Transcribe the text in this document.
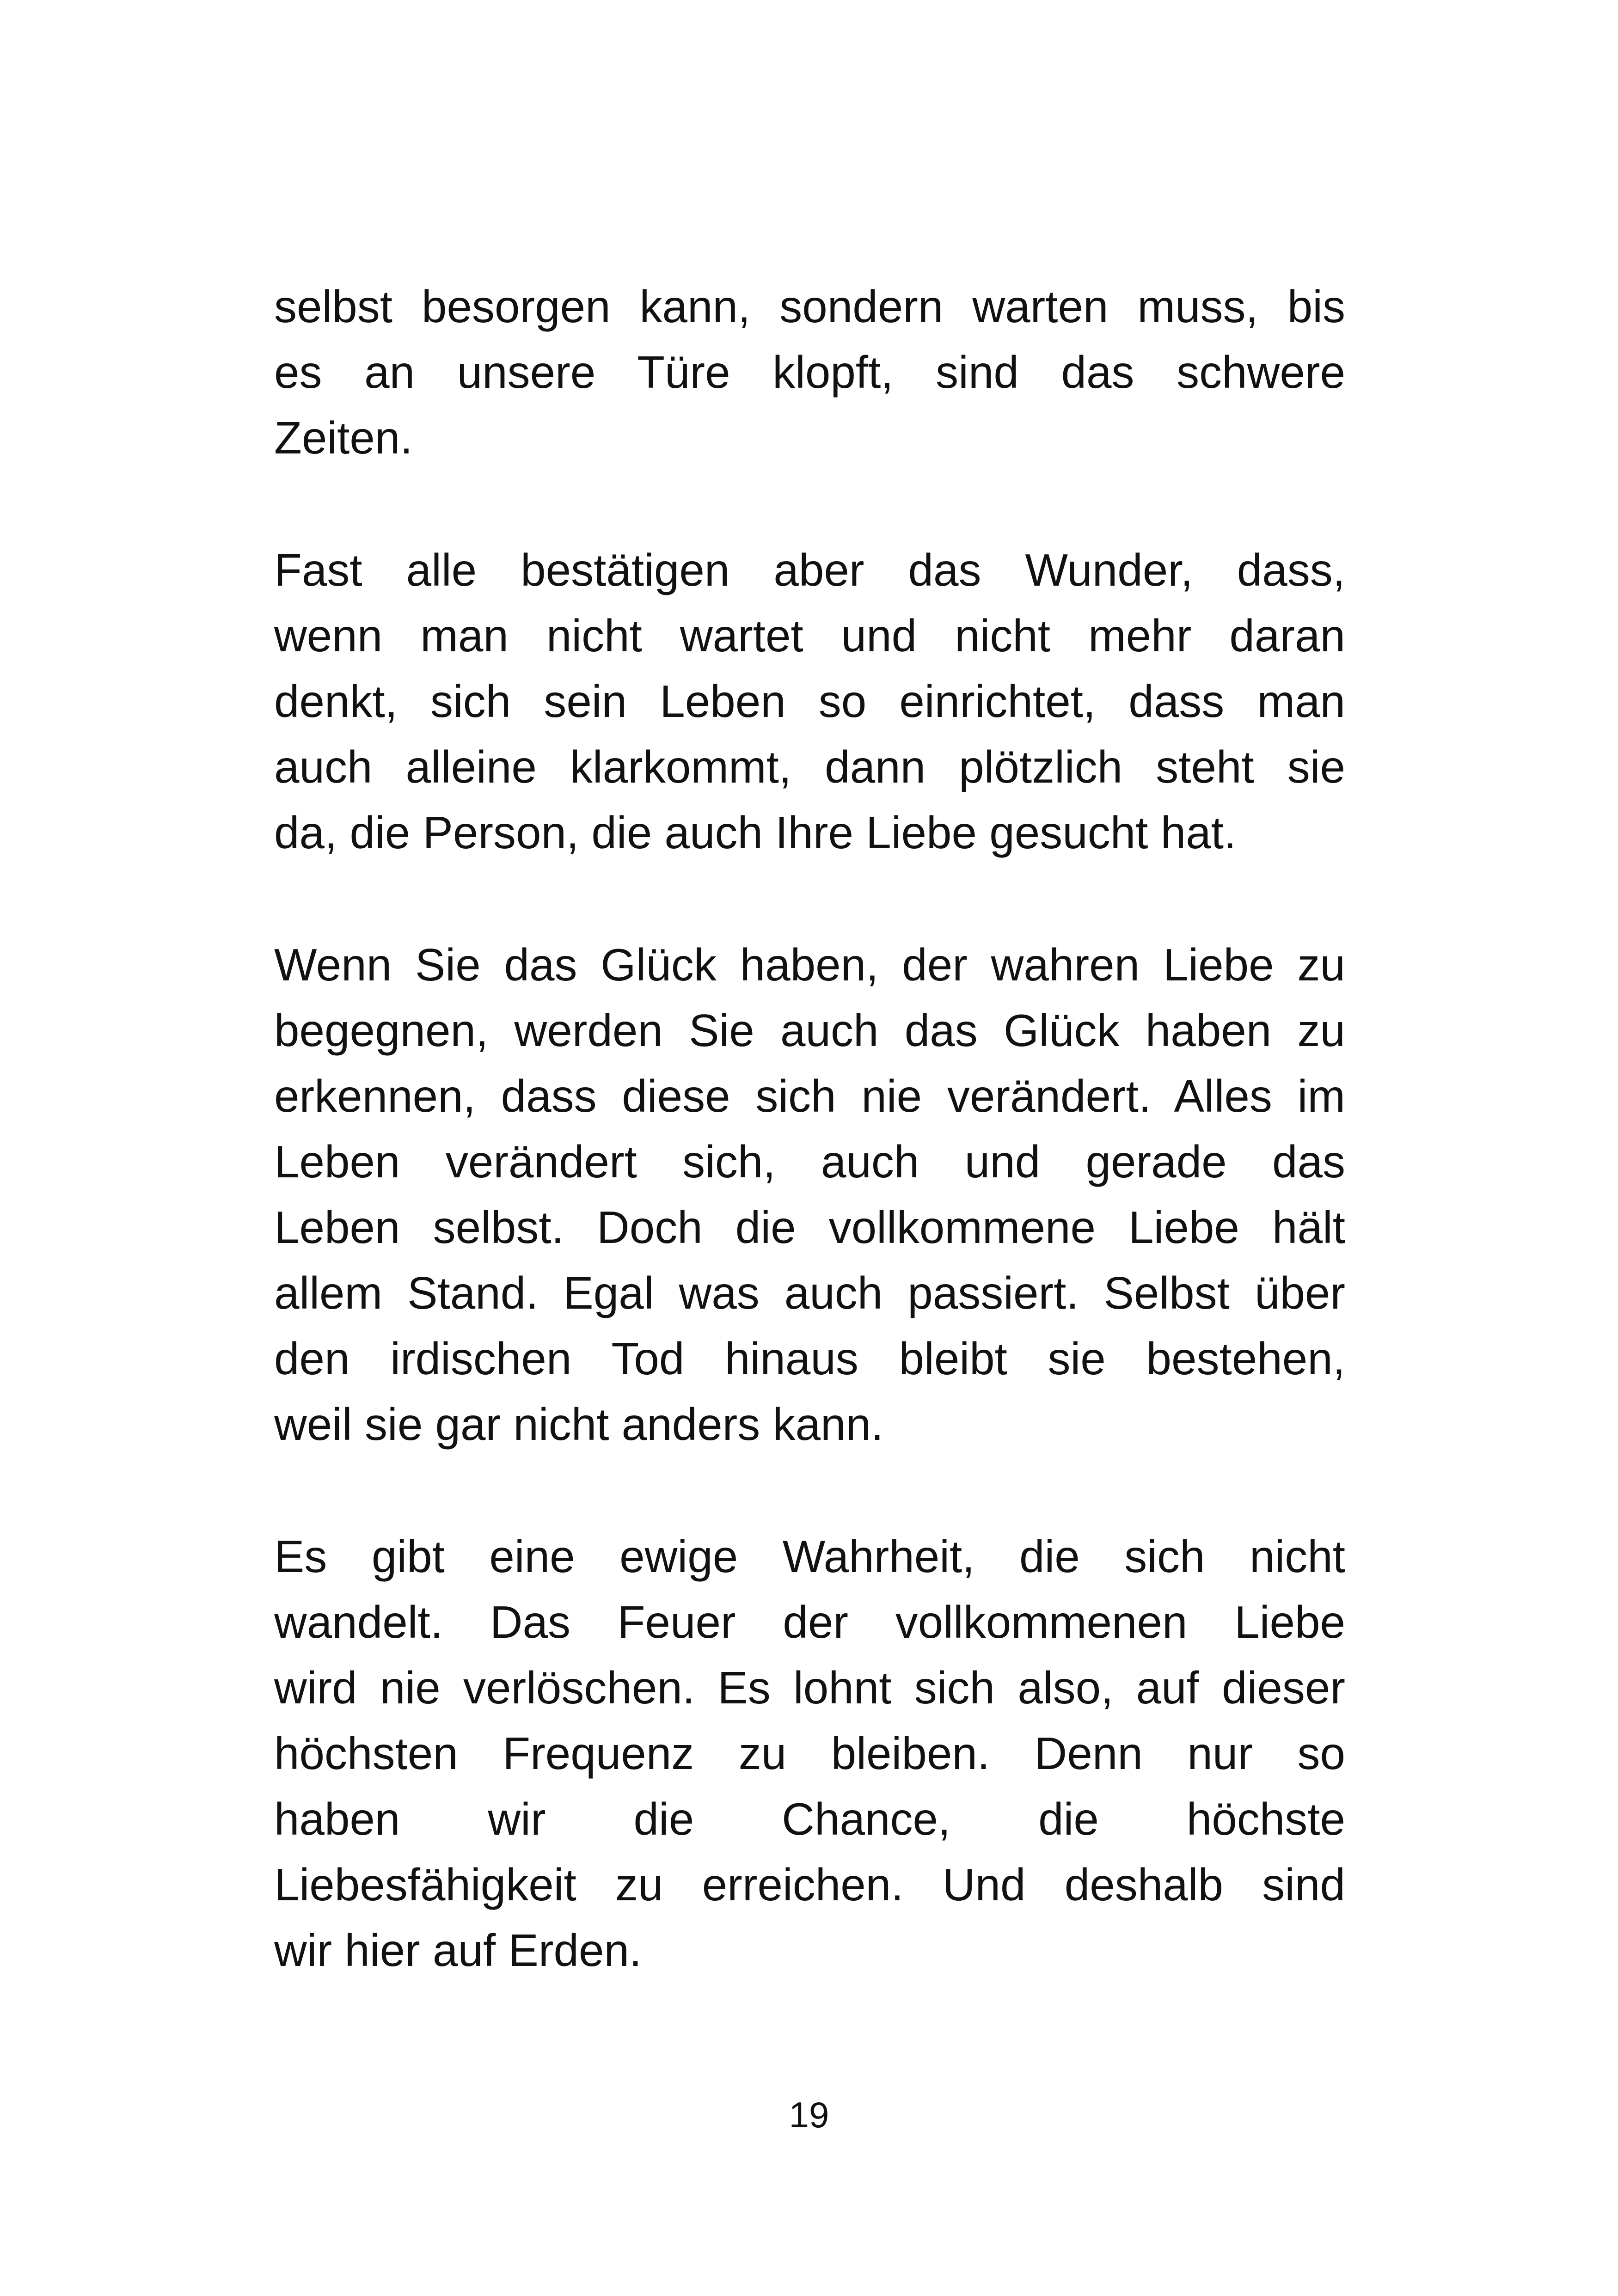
selbst besorgen kann, sondern warten muss, bis
es an unsere Türe klopft, sind das schwere
Zeiten.
Fast alle bestätigen aber das Wunder, dass,
wenn man nicht wartet und nicht mehr daran
denkt, sich sein Leben so einrichtet, dass man
auch alleine klarkommt, dann plötzlich steht sie
da, die Person, die auch Ihre Liebe gesucht hat.
Wenn Sie das Glück haben, der wahren Liebe zu
begegnen, werden Sie auch das Glück haben zu
erkennen, dass diese sich nie verändert. Alles im
Leben verändert sich, auch und gerade das
Leben selbst. Doch die vollkommene Liebe hält
allem Stand. Egal was auch passiert. Selbst über
den irdischen Tod hinaus bleibt sie bestehen,
weil sie gar nicht anders kann.
Es gibt eine ewige Wahrheit, die sich nicht
wandelt. Das Feuer der vollkommenen Liebe
wird nie verlöschen. Es lohnt sich also, auf dieser
höchsten Frequenz zu bleiben. Denn nur so
haben wir die Chance, die höchste
Liebesfähigkeit zu erreichen. Und deshalb sind
wir hier auf Erden.
19
